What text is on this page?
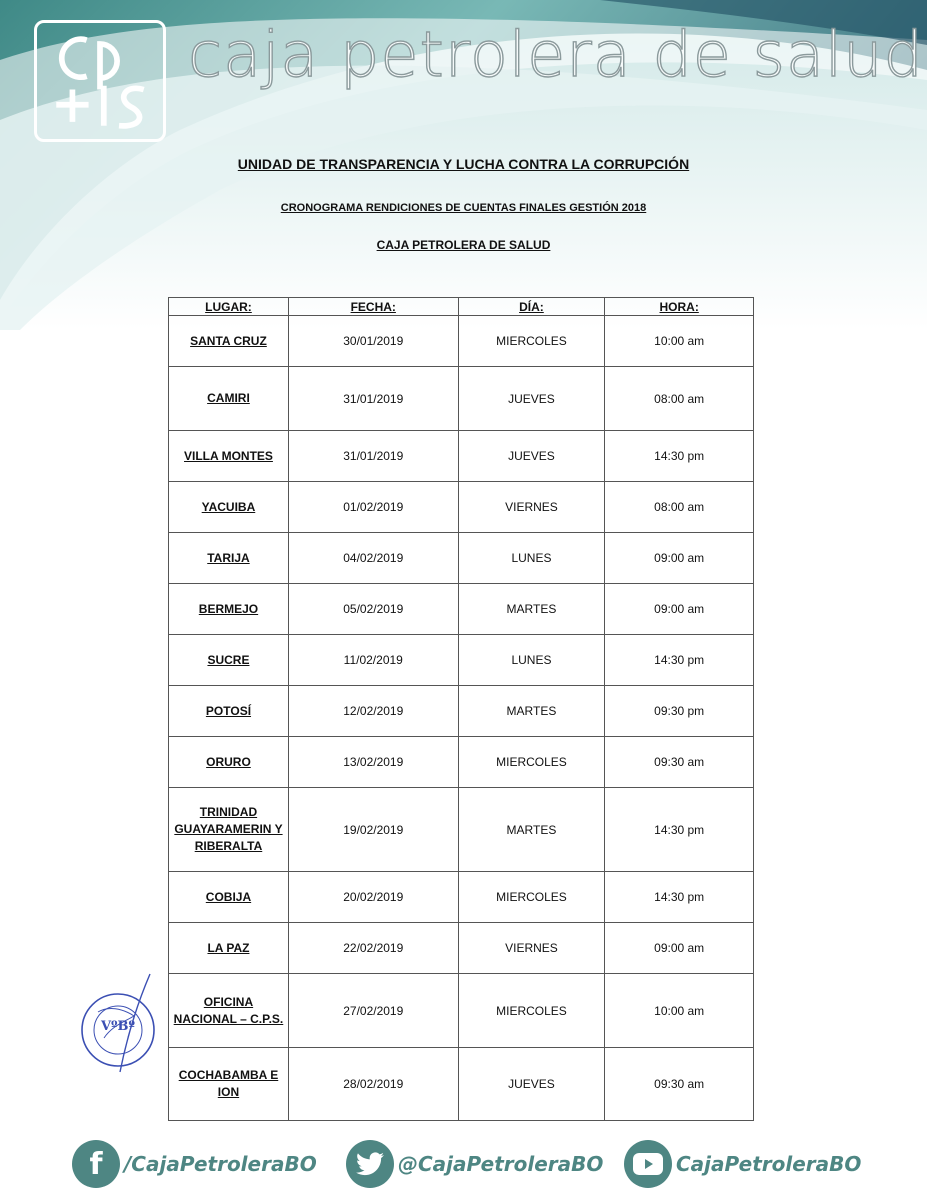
caja petrolera de salud
UNIDAD DE TRANSPARENCIA Y LUCHA CONTRA LA CORRUPCIÓN
CRONOGRAMA RENDICIONES DE CUENTAS FINALES GESTIÓN 2018
CAJA PETROLERA DE SALUD
LUGAR:	FECHA:	DÍA:	HORA:
SANTA CRUZ	30/01/2019	MIERCOLES	10:00 am
CAMIRI	31/01/2019	JUEVES	08:00 am
VILLA MONTES	31/01/2019	JUEVES	14:30 pm
YACUIBA	01/02/2019	VIERNES	08:00 am
TARIJA	04/02/2019	LUNES	09:00 am
BERMEJO	05/02/2019	MARTES	09:00 am
SUCRE	11/02/2019	LUNES	14:30 pm
POTOSÍ	12/02/2019	MARTES	09:30 pm
ORURO	13/02/2019	MIERCOLES	09:30 am
TRINIDAD GUAYARAMERIN Y RIBERALTA	19/02/2019	MARTES	14:30 pm
COBIJA	20/02/2019	MIERCOLES	14:30 pm
LA PAZ	22/02/2019	VIERNES	09:00 am
OFICINA NACIONAL – C.P.S.	27/02/2019	MIERCOLES	10:00 am
COCHABAMBA E ION	28/02/2019	JUEVES	09:30 am
VºBº
f /CajaPetroleraBO	@CajaPetroleraBO	CajaPetroleraBO
